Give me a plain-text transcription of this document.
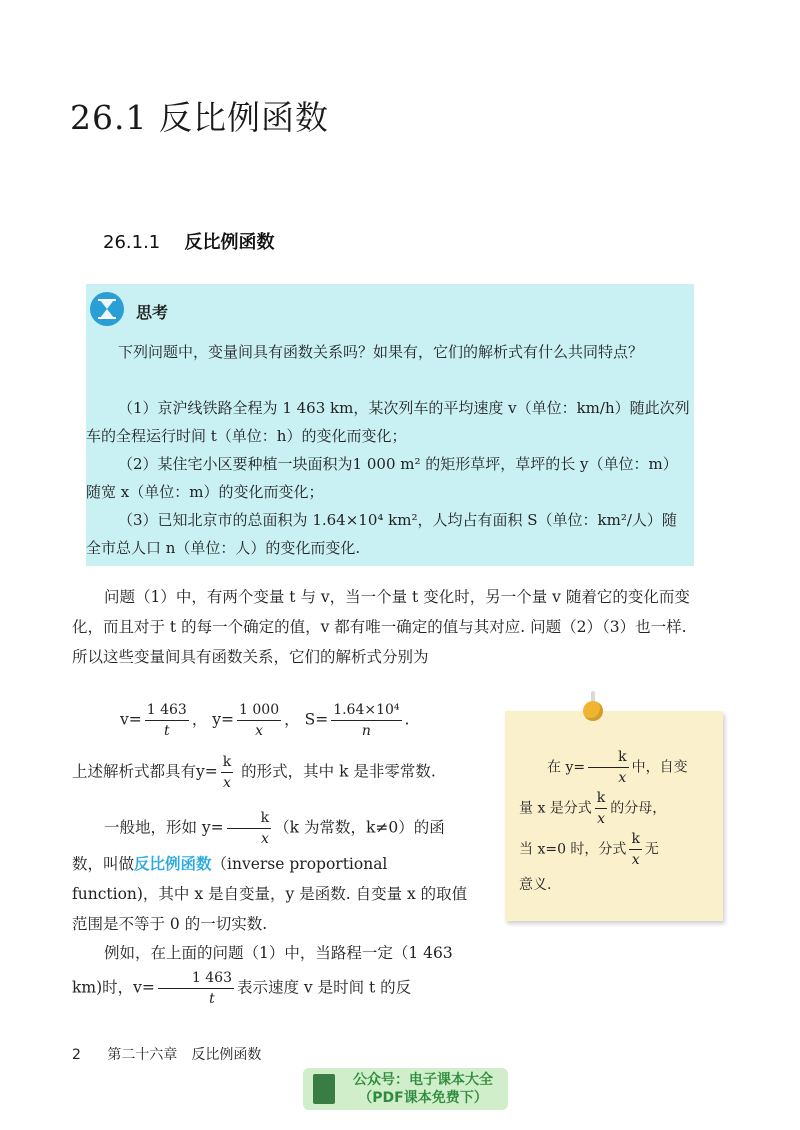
26.1 反比例函数
26.1.1 反比例函数
思考

下列问题中，变量间具有函数关系吗？如果有，它们的解析式有什么共同特点？

（1）京沪线铁路全程为 1 463 km，某次列车的平均速度 v（单位：km/h）随此次列车的全程运行时间 t（单位：h）的变化而变化；

（2）某住宅小区要种植一块面积为1 000 m² 的矩形草坪，草坪的长 y（单位：m）随宽 x（单位：m）的变化而变化；

（3）已知北京市的总面积为 1.64×10⁴ km²，人均占有面积 S（单位：km²/人）随全市总人口 n（单位：人）的变化而变化.

问题（1）中，有两个变量 t 与 v，当一个量 t 变化时，另一个量 v 随着它的变化而变化，而且对于 t 的每一个确定的值，v 都有唯一确定的值与其对应. 问题（2）（3）也一样. 所以这些变量间具有函数关系，它们的解析式分别为

$v= \frac{1 463}{t}$ ， $y= \frac{1 000}{x}$ ， $S= \frac{\text{1.64×10⁴}}{n}$ .

上述解析式都具有$y= \frac{k}{x}$ 的形式，其中 k 是非零常数.

一般地，形如 $y= \frac{k}{x} (k$ 为常数，k≠0）的函数，叫做反比例函数（inverse proportional function)，其中 x 是自变量，y 是函数. 自变量 x 的取值范围是不等于 0 的一切实数.

例如，在上面的问题（1）中，当路程一定（1 463 km)时，$v= \frac{1 463}{t}$ 表示速度 v 是时间 t 的反

在 $y= \frac{k}{x}$ 中，自变
量 x 是分式 $\frac{k}{x}$ 的分母，
当 x=0 时，分式 $\frac{k}{x}$ 无
意义.
2 第二十六章　反比例函数
公众号：电子课本大全
（PDF课本免费下）
